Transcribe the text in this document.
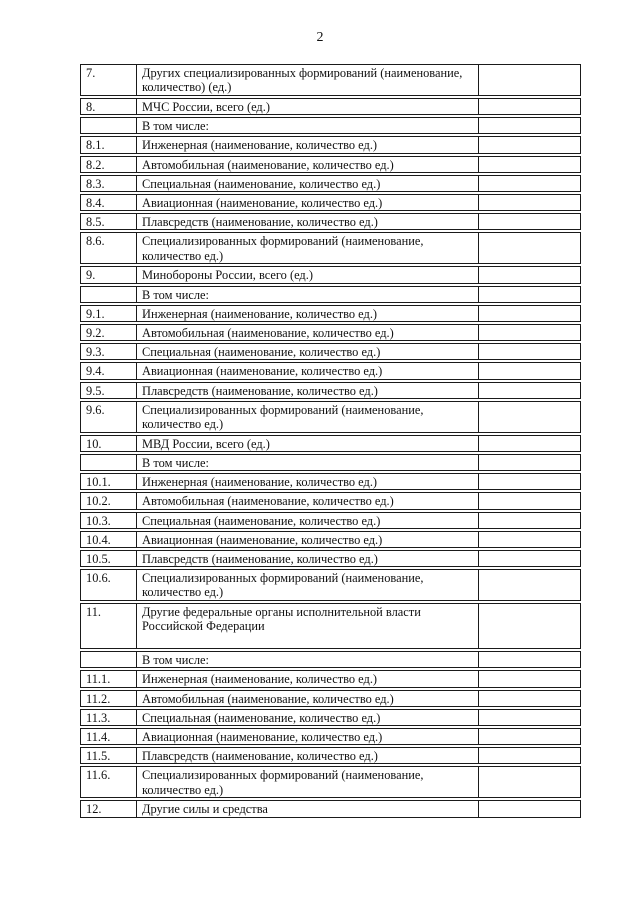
2
7.	Других специализированных формирований (наименование, количество) (ед.)	
8.	МЧС России, всего (ед.)	
	В том числе:	
8.1.	Инженерная (наименование, количество ед.)	
8.2.	Автомобильная (наименование, количество ед.)	
8.3.	Специальная (наименование, количество ед.)	
8.4.	Авиационная (наименование, количество ед.)	
8.5.	Плавсредств (наименование, количество ед.)	
8.6.	Специализированных формирований (наименование, количество ед.)	
9.	Минобороны России, всего (ед.)	
	В том числе:	
9.1.	Инженерная (наименование, количество ед.)	
9.2.	Автомобильная (наименование, количество ед.)	
9.3.	Специальная (наименование, количество ед.)	
9.4.	Авиационная (наименование, количество ед.)	
9.5.	Плавсредств (наименование, количество ед.)	
9.6.	Специализированных формирований (наименование, количество ед.)	
10.	МВД России, всего (ед.)	
	В том числе:	
10.1.	Инженерная (наименование, количество ед.)	
10.2.	Автомобильная (наименование, количество ед.)	
10.3.	Специальная (наименование, количество ед.)	
10.4.	Авиационная (наименование, количество ед.)	
10.5.	Плавсредств (наименование, количество ед.)	
10.6.	Специализированных формирований (наименование, количество ед.)	
11.	Другие федеральные органы исполнительной власти Российской Федерации	
	В том числе:	
11.1.	Инженерная (наименование, количество ед.)	
11.2.	Автомобильная (наименование, количество ед.)	
11.3.	Специальная (наименование, количество ед.)	
11.4.	Авиационная (наименование, количество ед.)	
11.5.	Плавсредств (наименование, количество ед.)	
11.6.	Специализированных формирований (наименование, количество ед.)	
12.	Другие силы и средства	
